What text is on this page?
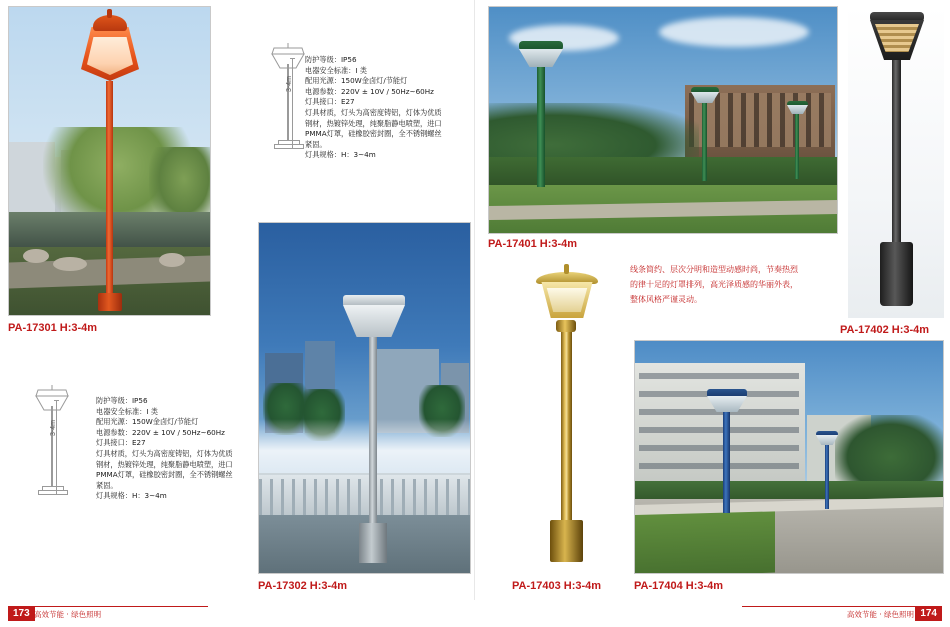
PA-17301 H:3-4m
3-4m
防护等级：IP56
电器安全标准：I 类
配用光源：150W金卤灯/节能灯
电源参数：220V ± 10V / 50Hz~60Hz
灯具接口：E27
灯具材质，灯头为高密度铸铝，灯体为优质
钢材，热镀锌处理，纯聚脂静电喷塑，进口
PMMA灯罩，硅橡胶密封圈，全不锈钢螺丝
紧固。
灯具规格：H：3~4m
3-4m
防护等级：IP56
电器安全标准：I 类
配用光源：150W金卤灯/节能灯
电源参数：220V ± 10V / 50Hz~60Hz
灯具接口：E27
灯具材质，灯头为高密度铸铝，灯体为优质
钢材，热镀锌处理，纯聚脂静电喷塑，进口
PMMA灯罩，硅橡胶密封圈，全不锈钢螺丝
紧固。
灯具规格：H：3~4m
PA-17302 H:3-4m
PA-17401 H:3-4m
PA-17402 H:3-4m
线条简约、层次分明和造型动感时尚，节奏热烈
的律十足的灯罩排列，高光泽质感的华丽外表，
整体风格严谨灵动。
PA-17403 H:3-4m	PA-17404 H:3-4m
173 高效节能 · 绿色照明	174
高效节能 · 绿色照明
